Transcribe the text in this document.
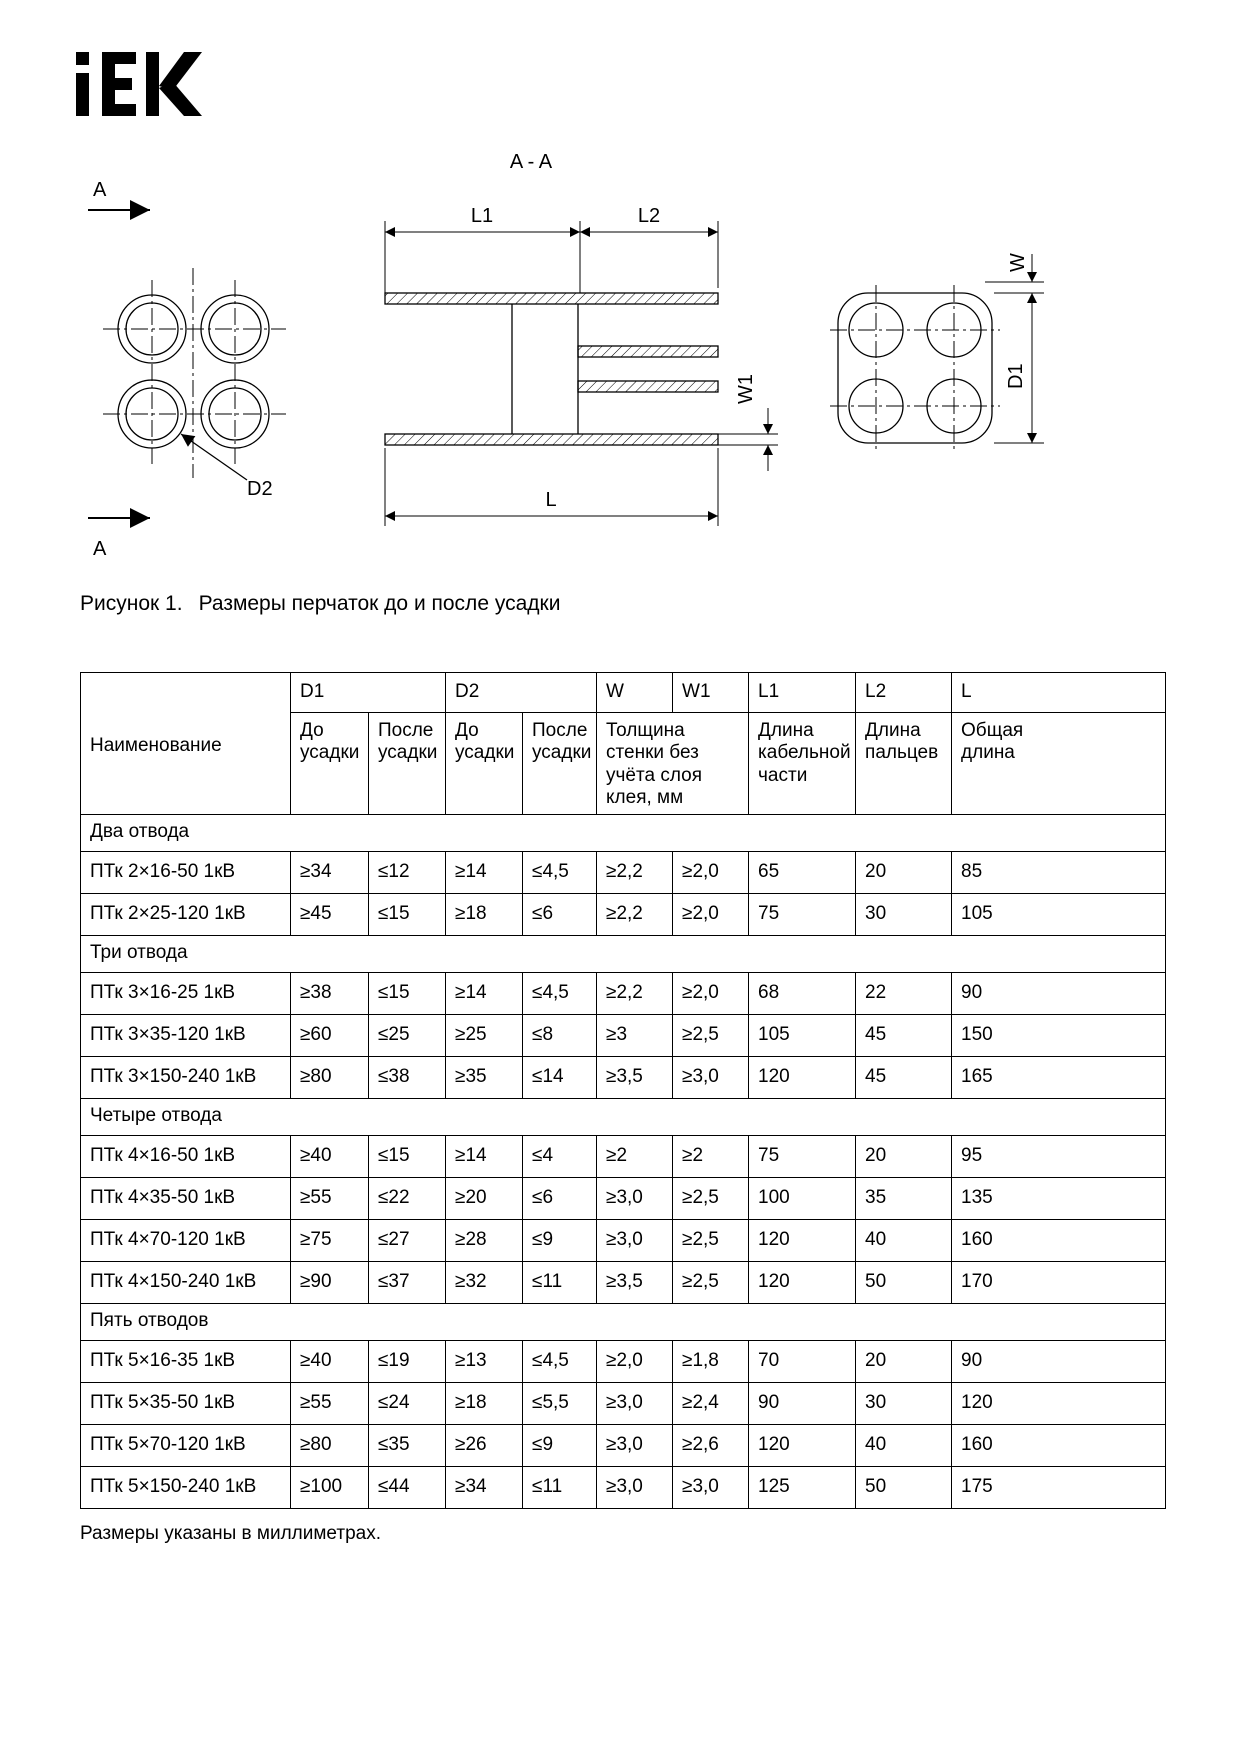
A
A
D2
A - A
L1	L2
L
W1
W
D1
Рисунок 1. Размеры перчаток до и после усадки
Наименование	D1		D2		W	W1	L1	L2	L
	До усадки	После усадки	До усадки	После усадки	Толщина стенки без учёта слоя клея, мм		Длина кабельной части	Длина пальцев	Общая длина
Два отвода									
ПТк 2×16-50 1кВ	≥34	≤12	≥14	≤4,5	≥2,2	≥2,0	65	20	85
ПТк 2×25-120 1кВ	≥45	≤15	≥18	≤6	≥2,2	≥2,0	75	30	105
Три отвода									
ПТк 3×16-25 1кВ	≥38	≤15	≥14	≤4,5	≥2,2	≥2,0	68	22	90
ПТк 3×35-120 1кВ	≥60	≤25	≥25	≤8	≥3	≥2,5	105	45	150
ПТк 3×150-240 1кВ	≥80	≤38	≥35	≤14	≥3,5	≥3,0	120	45	165
Четыре отвода									
ПТк 4×16-50 1кВ	≥40	≤15	≥14	≤4	≥2	≥2	75	20	95
ПТк 4×35-50 1кВ	≥55	≤22	≥20	≤6	≥3,0	≥2,5	100	35	135
ПТк 4×70-120 1кВ	≥75	≤27	≥28	≤9	≥3,0	≥2,5	120	40	160
ПТк 4×150-240 1кВ	≥90	≤37	≥32	≤11	≥3,5	≥2,5	120	50	170
Пять отводов									
ПТк 5×16-35 1кВ	≥40	≤19	≥13	≤4,5	≥2,0	≥1,8	70	20	90
ПТк 5×35-50 1кВ	≥55	≤24	≥18	≤5,5	≥3,0	≥2,4	90	30	120
ПТк 5×70-120 1кВ	≥80	≤35	≥26	≤9	≥3,0	≥2,6	120	40	160
ПТк 5×150-240 1кВ	≥100	≤44	≥34	≤11	≥3,0	≥3,0	125	50	175
Размеры указаны в миллиметрах.
